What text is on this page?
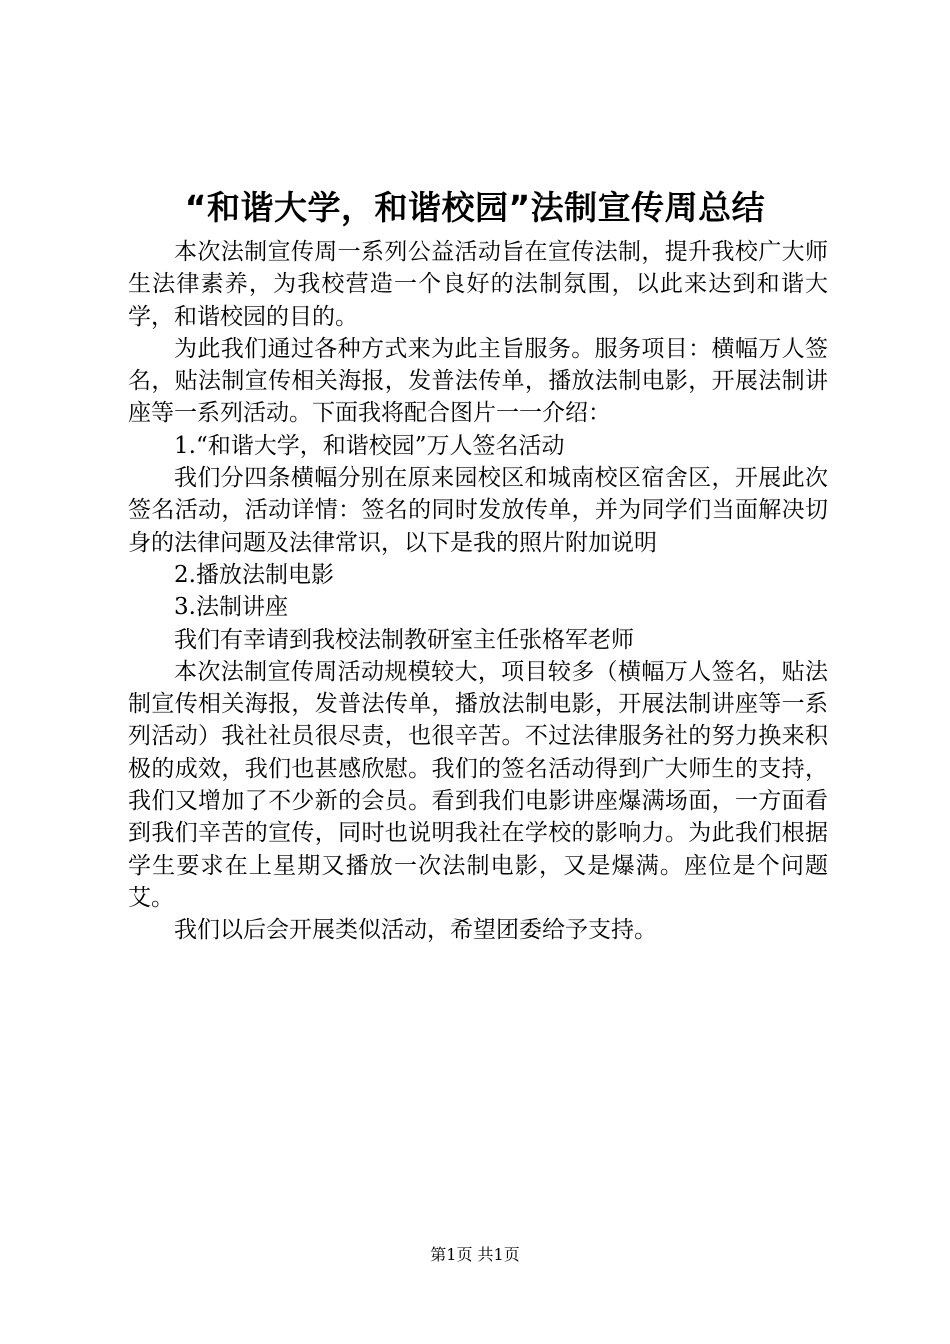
“和谐大学，和谐校园”法制宣传周总结

本次法制宣传周一系列公益活动旨在宣传法制，提升我校广大师生法律素养，为我校营造一个良好的法制氛围，以此来达到和谐大学，和谐校园的目的。

为此我们通过各种方式来为此主旨服务。服务项目：横幅万人签名，贴法制宣传相关海报，发普法传单，播放法制电影，开展法制讲座等一系列活动。下面我将配合图片一一介绍：

1.“和谐大学，和谐校园”万人签名活动

我们分四条横幅分别在原来园校区和城南校区宿舍区，开展此次签名活动，活动详情：签名的同时发放传单，并为同学们当面解决切身的法律问题及法律常识，以下是我的照片附加说明

2.播放法制电影

3.法制讲座

我们有幸请到我校法制教研室主任张格军老师

本次法制宣传周活动规模较大，项目较多（横幅万人签名，贴法制宣传相关海报，发普法传单，播放法制电影，开展法制讲座等一系列活动）我社社员很尽责，也很辛苦。不过法律服务社的努力换来积极的成效，我们也甚感欣慰。我们的签名活动得到广大师生的支持，我们又增加了不少新的会员。看到我们电影讲座爆满场面，一方面看到我们辛苦的宣传，同时也说明我社在学校的影响力。为此我们根据学生要求在上星期又播放一次法制电影，又是爆满。座位是个问题艾。

我们以后会开展类似活动，希望团委给予支持。

第1页 共1页
